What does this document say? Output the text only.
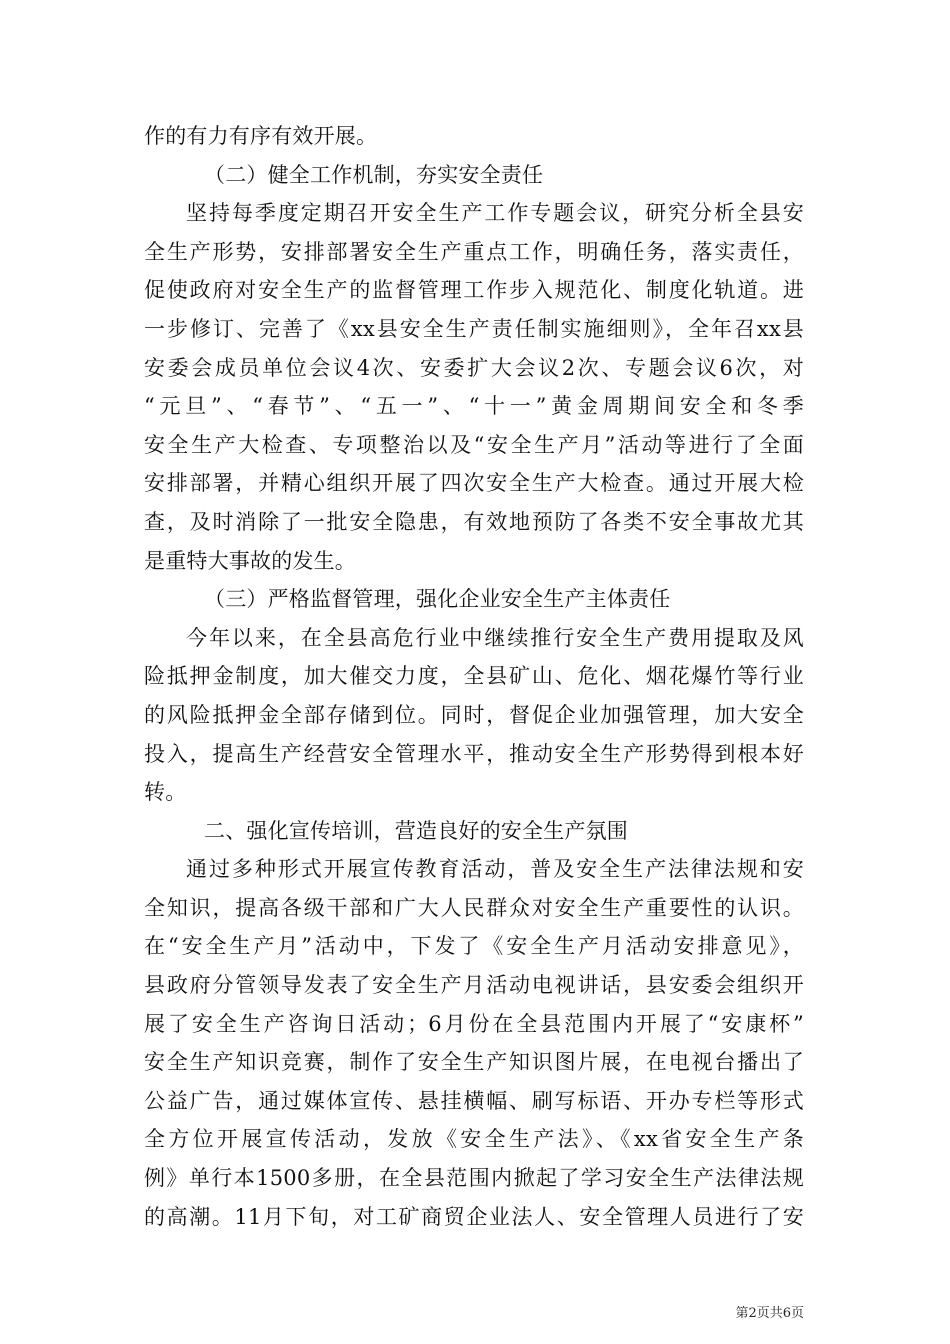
作的有力有序有效开展。
（二）健全工作机制，夯实安全责任
坚持每季度定期召开安全生产工作专题会议，研究分析全县安
全生产形势，安排部署安全生产重点工作，明确任务，落实责任，
促使政府对安全生产的监督管理工作步入规范化、制度化轨道。进
一步修订、完善了《xx县安全生产责任制实施细则》，全年召xx县
安委会成员单位会议4次、安委扩大会议2次、专题会议6次，对
“元旦”、“春节”、“五一”、“十一”黄金周期间安全和冬季
安全生产大检查、专项整治以及“安全生产月”活动等进行了全面
安排部署，并精心组织开展了四次安全生产大检查。通过开展大检
查，及时消除了一批安全隐患，有效地预防了各类不安全事故尤其
是重特大事故的发生。
（三）严格监督管理，强化企业安全生产主体责任
今年以来，在全县高危行业中继续推行安全生产费用提取及风
险抵押金制度，加大催交力度，全县矿山、危化、烟花爆竹等行业
的风险抵押金全部存储到位。同时，督促企业加强管理，加大安全
投入，提高生产经营安全管理水平，推动安全生产形势得到根本好
转。
二、强化宣传培训，营造良好的安全生产氛围
通过多种形式开展宣传教育活动，普及安全生产法律法规和安
全知识，提高各级干部和广大人民群众对安全生产重要性的认识。
在“安全生产月”活动中，下发了《安全生产月活动安排意见》，
县政府分管领导发表了安全生产月活动电视讲话，县安委会组织开
展了安全生产咨询日活动；6月份在全县范围内开展了“安康杯”
安全生产知识竞赛，制作了安全生产知识图片展，在电视台播出了
公益广告，通过媒体宣传、悬挂横幅、刷写标语、开办专栏等形式
全方位开展宣传活动，发放《安全生产法》、《xx省安全生产条
例》单行本1500多册，在全县范围内掀起了学习安全生产法律法规
的高潮。11月下旬，对工矿商贸企业法人、安全管理人员进行了安
第2页共6页
